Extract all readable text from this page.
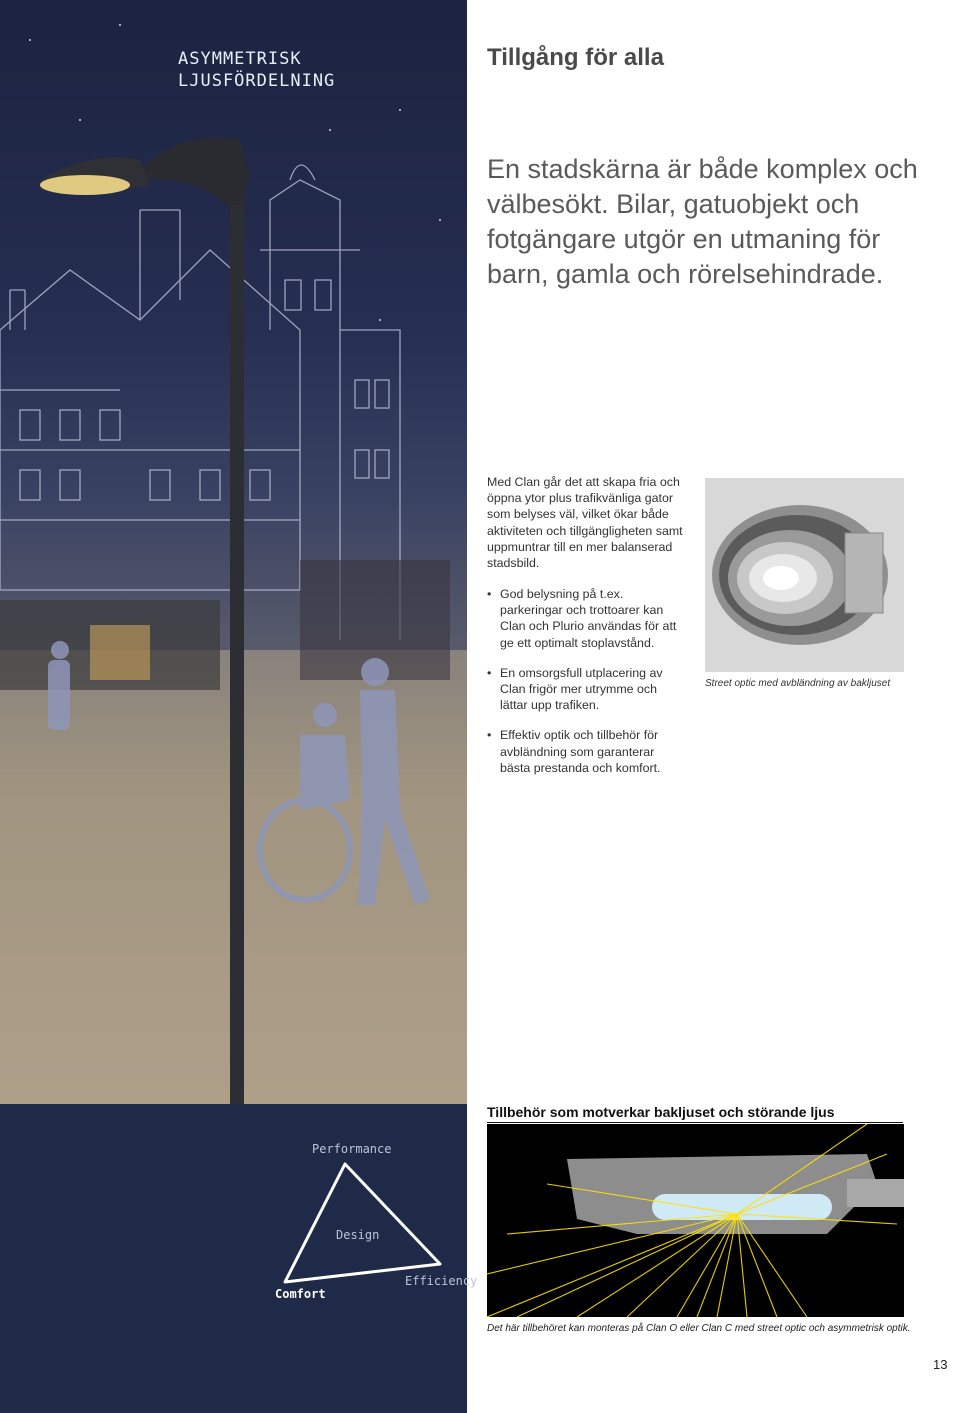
ASYMMETRISK
LJUSFÖRDELNING
Performance
Design
Efficiency
Comfort
Tillgång för alla

En stadskärna är både komplex och välbesökt. Bilar, gatuobjekt och fotgängare utgör en utmaning för barn, gamla och rörelsehindrade.

Med Clan går det att skapa fria och öppna ytor plus trafikvänliga gator som belyses väl, vilket ökar både aktiviteten och tillgängligheten samt uppmuntrar till en mer balanserad stadsbild.

• God belysning på t.ex. parkeringar och trottoarer kan Clan och Plurio användas för att ge ett optimalt stoplavstånd.
• En omsorgsfull utplacering av Clan frigör mer utrymme och lättar upp trafiken.
• Effektiv optik och tillbehör för avbländning som garanterar bästa prestanda och komfort.
Street optic med avbländning av bakljuset
Tillbehör som motverkar bakljuset och störande ljus
Det här tillbehöret kan monteras på Clan O eller Clan C med street optic och asymmetrisk optik.
13
